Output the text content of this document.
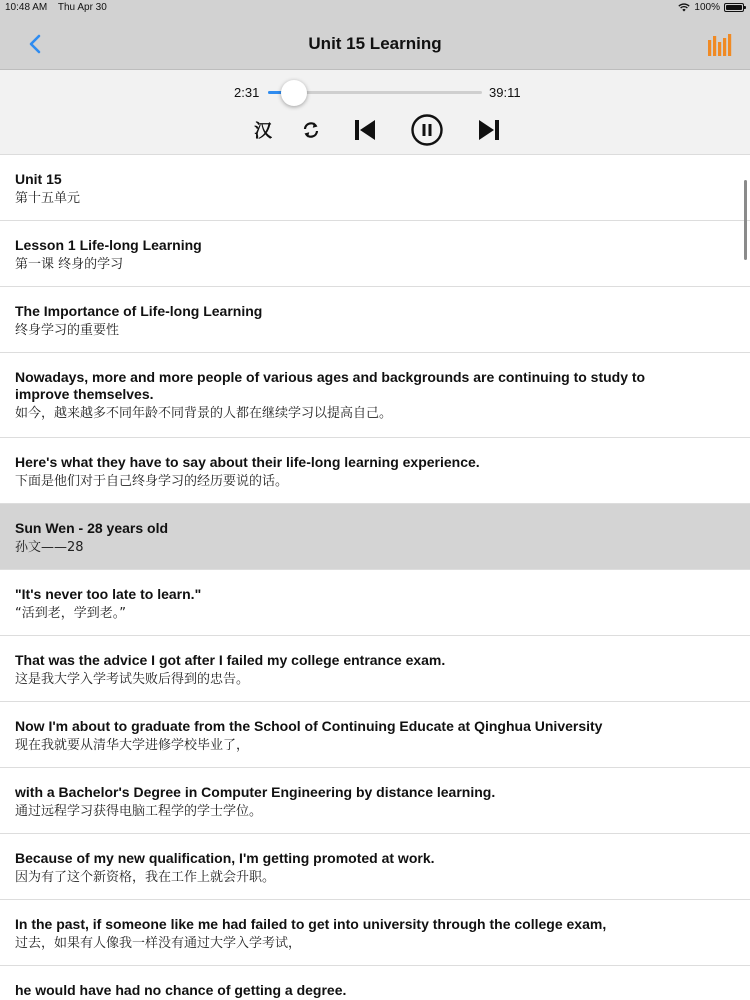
10:48 AM Thu Apr 30	100%
Unit 15 Learning
2:31	39:11
汉
Unit 15
第十五单元
Lesson 1 Life-long Learning
第一课 终身的学习
The Importance of Life-long Learning
终身学习的重要性
Nowadays, more and more people of various ages and backgrounds are continuing to study to improve themselves.
如今，越来越多不同年龄不同背景的人都在继续学习以提高自己。
Here's what they have to say about their life-long learning experience.
下面是他们对于自己终身学习的经历要说的话。
Sun Wen - 28 years old
孙文——28
"It's never too late to learn."
“活到老，学到老。”
That was the advice I got after I failed my college entrance exam.
这是我大学入学考试失败后得到的忠告。
Now I'm about to graduate from the School of Continuing Educate at Qinghua University
现在我就要从清华大学进修学校毕业了，
with a Bachelor's Degree in Computer Engineering by distance learning.
通过远程学习获得电脑工程学的学士学位。
Because of my new qualification, I'm getting promoted at work.
因为有了这个新资格，我在工作上就会升职。
In the past, if someone like me had failed to get into university through the college exam,
过去，如果有人像我一样没有通过大学入学考试，
he would have had no chance of getting a degree.
